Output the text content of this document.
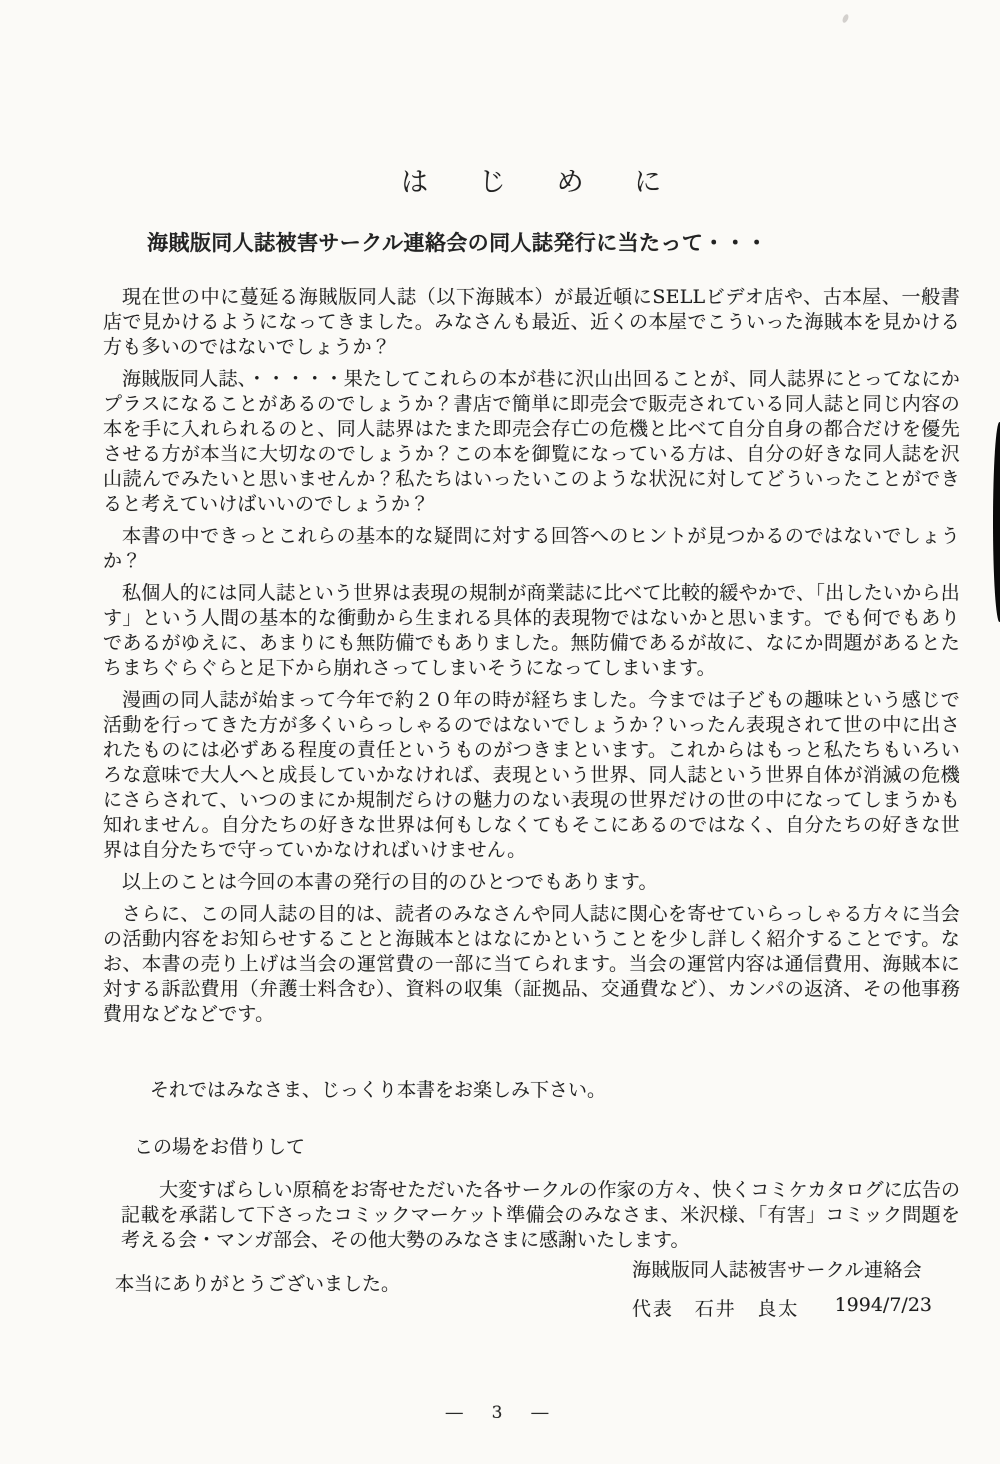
は じ め に
海賊版同人誌被害サークル連絡会の同人誌発行に当たって・・・

現在世の中に蔓延る海賊版同人誌（以下海賊本）が最近頓にSELLビデオ店や、古本屋、一般書店で見かけるようになってきました。みなさんも最近、近くの本屋でこういった海賊本を見かける方も多いのではないでしょうか？

海賊版同人誌、・・・・・果たしてこれらの本が巷に沢山出回ることが、同人誌界にとってなにかプラスになることがあるのでしょうか？書店で簡単に即売会で販売されている同人誌と同じ内容の本を手に入れられるのと、同人誌界はたまた即売会存亡の危機と比べて自分自身の都合だけを優先させる方が本当に大切なのでしょうか？この本を御覧になっている方は、自分の好きな同人誌を沢山読んでみたいと思いませんか？私たちはいったいこのような状況に対してどういったことができると考えていけばいいのでしょうか？

本書の中できっとこれらの基本的な疑問に対する回答へのヒントが見つかるのではないでしょうか？

私個人的には同人誌という世界は表現の規制が商業誌に比べて比較的緩やかで、「出したいから出す」という人間の基本的な衝動から生まれる具体的表現物ではないかと思います。でも何でもありであるがゆえに、あまりにも無防備でもありました。無防備であるが故に、なにか問題があるとたちまちぐらぐらと足下から崩れさってしまいそうになってしまいます。

漫画の同人誌が始まって今年で約２０年の時が経ちました。今までは子どもの趣味という感じで活動を行ってきた方が多くいらっしゃるのではないでしょうか？いったん表現されて世の中に出されたものには必ずある程度の責任というものがつきまといます。これからはもっと私たちもいろいろな意味で大人へと成長していかなければ、表現という世界、同人誌という世界自体が消滅の危機にさらされて、いつのまにか規制だらけの魅力のない表現の世界だけの世の中になってしまうかも知れません。自分たちの好きな世界は何もしなくてもそこにあるのではなく、自分たちの好きな世界は自分たちで守っていかなければいけません。

以上のことは今回の本書の発行の目的のひとつでもあります。

さらに、この同人誌の目的は、読者のみなさんや同人誌に関心を寄せていらっしゃる方々に当会の活動内容をお知らせすることと海賊本とはなにかということを少し詳しく紹介することです。なお、本書の売り上げは当会の運営費の一部に当てられます。当会の運営内容は通信費用、海賊本に対する訴訟費用（弁護士料含む）、資料の収集（証拠品、交通費など）、カンパの返済、その他事務費用などなどです。

それではみなさま、じっくり本書をお楽しみ下さい。

この場をお借りして

大変すばらしい原稿をお寄せただいた各サークルの作家の方々、快くコミケカタログに広告の記載を承諾して下さったコミックマーケット準備会のみなさま、米沢様、「有害」コミック問題を考える会・マンガ部会、その他大勢のみなさまに感謝いたします。

本当にありがとうございました。

海賊版同人誌被害サークル連絡会
代表　石井　良太 1994/7/23
―　3　―
